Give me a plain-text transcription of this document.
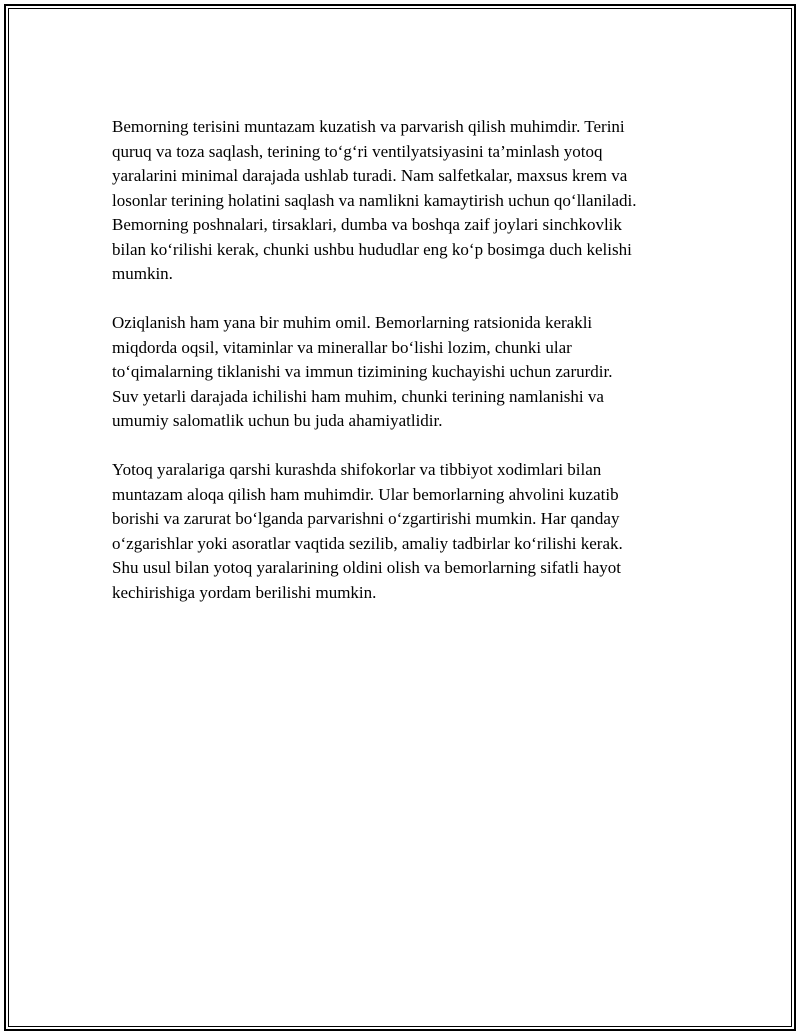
Bemorning terisini muntazam kuzatish va parvarish qilish muhimdir. Terini
quruq va toza saqlash, terining to‘g‘ri ventilyatsiyasini ta’minlash yotoq
yaralarini minimal darajada ushlab turadi. Nam salfetkalar, maxsus krem va
losonlar terining holatini saqlash va namlikni kamaytirish uchun qo‘llaniladi.
Bemorning poshnalari, tirsaklari, dumba va boshqa zaif joylari sinchkovlik
bilan ko‘rilishi kerak, chunki ushbu hududlar eng ko‘p bosimga duch kelishi
mumkin.

Oziqlanish ham yana bir muhim omil. Bemorlarning ratsionida kerakli
miqdorda oqsil, vitaminlar va minerallar bo‘lishi lozim, chunki ular
to‘qimalarning tiklanishi va immun tizimining kuchayishi uchun zarurdir.
Suv yetarli darajada ichilishi ham muhim, chunki terining namlanishi va
umumiy salomatlik uchun bu juda ahamiyatlidir.

Yotoq yaralariga qarshi kurashda shifokorlar va tibbiyot xodimlari bilan
muntazam aloqa qilish ham muhimdir. Ular bemorlarning ahvolini kuzatib
borishi va zarurat bo‘lganda parvarishni o‘zgartirishi mumkin. Har qanday
o‘zgarishlar yoki asoratlar vaqtida sezilib, amaliy tadbirlar ko‘rilishi kerak.
Shu usul bilan yotoq yaralarining oldini olish va bemorlarning sifatli hayot
kechirishiga yordam berilishi mumkin.
